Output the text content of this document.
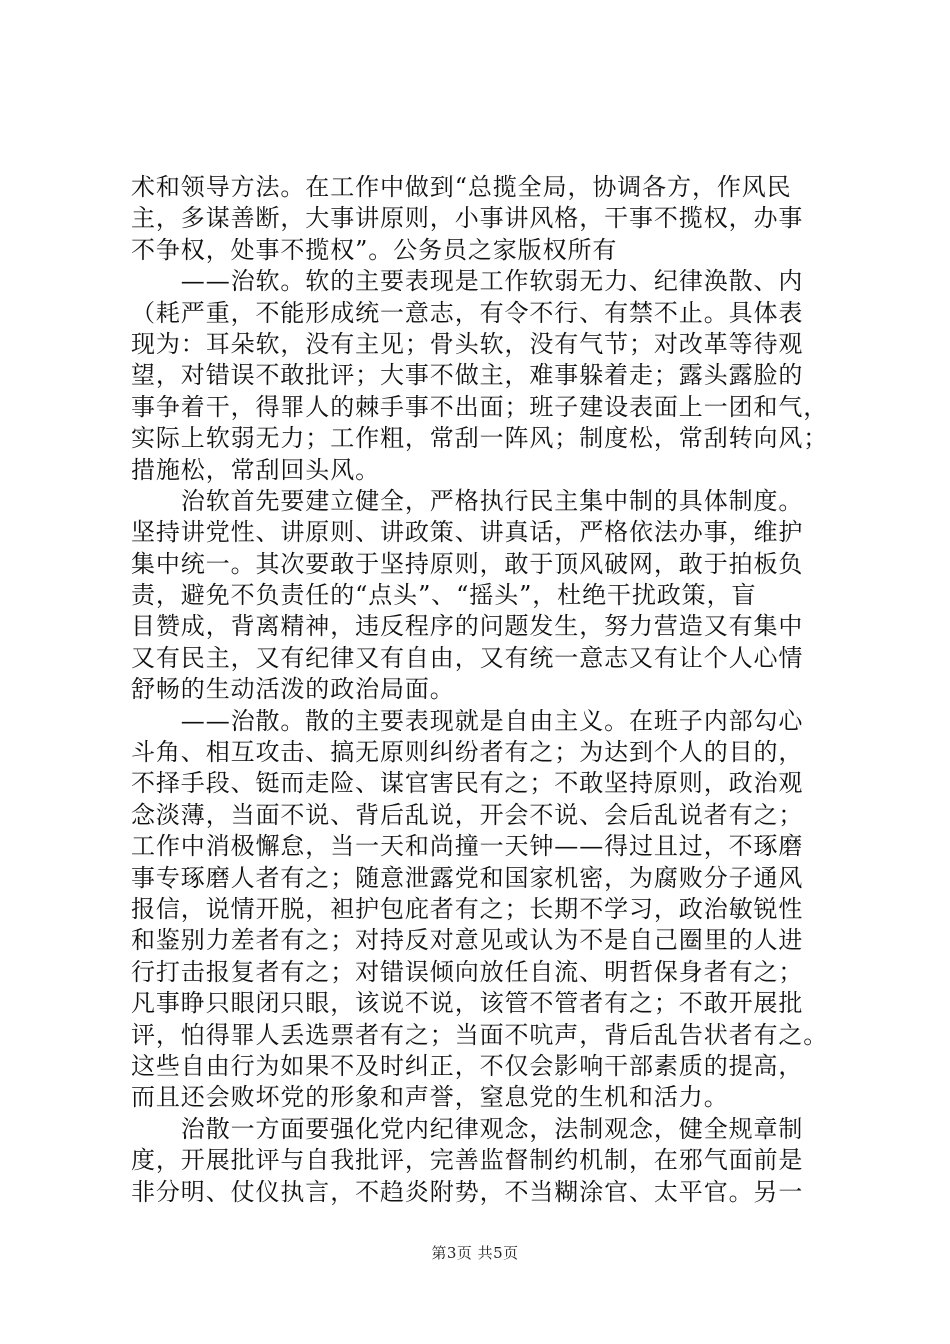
术和领导方法。在工作中做到“总揽全局，协调各方，作风民
主，多谋善断，大事讲原则，小事讲风格，干事不揽权，办事
不争权，处事不揽权”。公务员之家版权所有
　　——治软。软的主要表现是工作软弱无力、纪律涣散、内
（耗严重，不能形成统一意志，有令不行、有禁不止。具体表
现为：耳朵软，没有主见；骨头软，没有气节；对改革等待观
望，对错误不敢批评；大事不做主，难事躲着走；露头露脸的
事争着干，得罪人的棘手事不出面；班子建设表面上一团和气，
实际上软弱无力；工作粗，常刮一阵风；制度松，常刮转向风；
措施松，常刮回头风。
　　治软首先要建立健全，严格执行民主集中制的具体制度。
坚持讲党性、讲原则、讲政策、讲真话，严格依法办事，维护
集中统一。其次要敢于坚持原则，敢于顶风破网，敢于拍板负
责，避免不负责任的“点头”、“摇头”，杜绝干扰政策，盲
目赞成，背离精神，违反程序的问题发生，努力营造又有集中
又有民主，又有纪律又有自由，又有统一意志又有让个人心情
舒畅的生动活泼的政治局面。
　　——治散。散的主要表现就是自由主义。在班子内部勾心
斗角、相互攻击、搞无原则纠纷者有之；为达到个人的目的，
不择手段、铤而走险、谋官害民有之；不敢坚持原则，政治观
念淡薄，当面不说、背后乱说，开会不说、会后乱说者有之；
工作中消极懈怠，当一天和尚撞一天钟——得过且过，不琢磨
事专琢磨人者有之；随意泄露党和国家机密，为腐败分子通风
报信，说情开脱，袒护包庇者有之；长期不学习，政治敏锐性
和鉴别力差者有之；对持反对意见或认为不是自己圈里的人进
行打击报复者有之；对错误倾向放任自流、明哲保身者有之；
凡事睁只眼闭只眼，该说不说，该管不管者有之；不敢开展批
评，怕得罪人丢选票者有之；当面不吭声，背后乱告状者有之。
这些自由行为如果不及时纠正，不仅会影响干部素质的提高，
而且还会败坏党的形象和声誉，窒息党的生机和活力。
　　治散一方面要强化党内纪律观念，法制观念，健全规章制
度，开展批评与自我批评，完善监督制约机制，在邪气面前是
非分明、仗仪执言，不趋炎附势，不当糊涂官、太平官。另一
第3页 共5页
